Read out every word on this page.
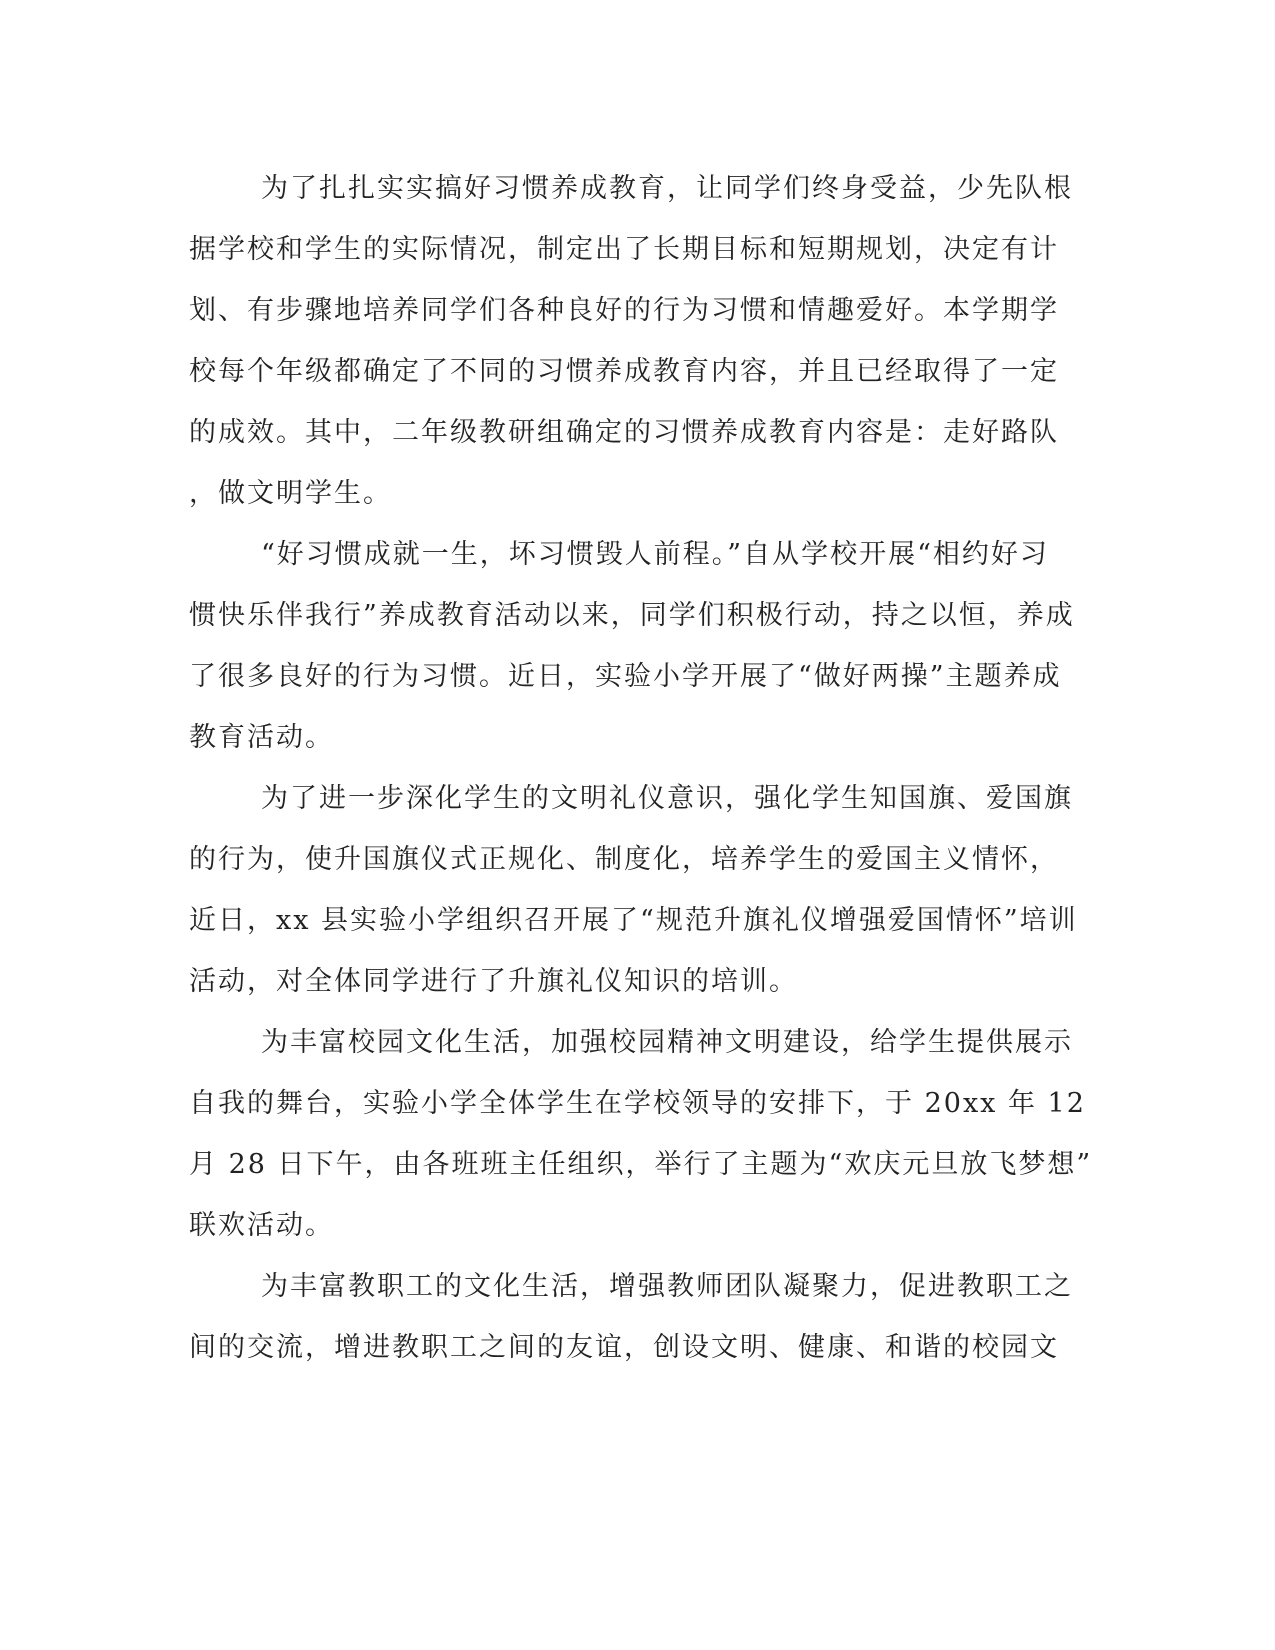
为了扎扎实实搞好习惯养成教育，让同学们终身受益，少先队根
据学校和学生的实际情况，制定出了长期目标和短期规划，决定有计
划、有步骤地培养同学们各种良好的行为习惯和情趣爱好。本学期学
校每个年级都确定了不同的习惯养成教育内容，并且已经取得了一定
的成效。其中，二年级教研组确定的习惯养成教育内容是：走好路队
，做文明学生。

“好习惯成就一生，坏习惯毁人前程。”自从学校开展“相约好习
惯快乐伴我行”养成教育活动以来，同学们积极行动，持之以恒，养成
了很多良好的行为习惯。近日，实验小学开展了“做好两操”主题养成
教育活动。

为了进一步深化学生的文明礼仪意识，强化学生知国旗、爱国旗
的行为，使升国旗仪式正规化、制度化，培养学生的爱国主义情怀，
近日，xx 县实验小学组织召开展了“规范升旗礼仪增强爱国情怀”培训
活动，对全体同学进行了升旗礼仪知识的培训。

为丰富校园文化生活，加强校园精神文明建设，给学生提供展示
自我的舞台，实验小学全体学生在学校领导的安排下，于 20xx 年 12
月 28 日下午，由各班班主任组织，举行了主题为“欢庆元旦放飞梦想”
联欢活动。

为丰富教职工的文化生活，增强教师团队凝聚力，促进教职工之
间的交流，增进教职工之间的友谊，创设文明、健康、和谐的校园文
